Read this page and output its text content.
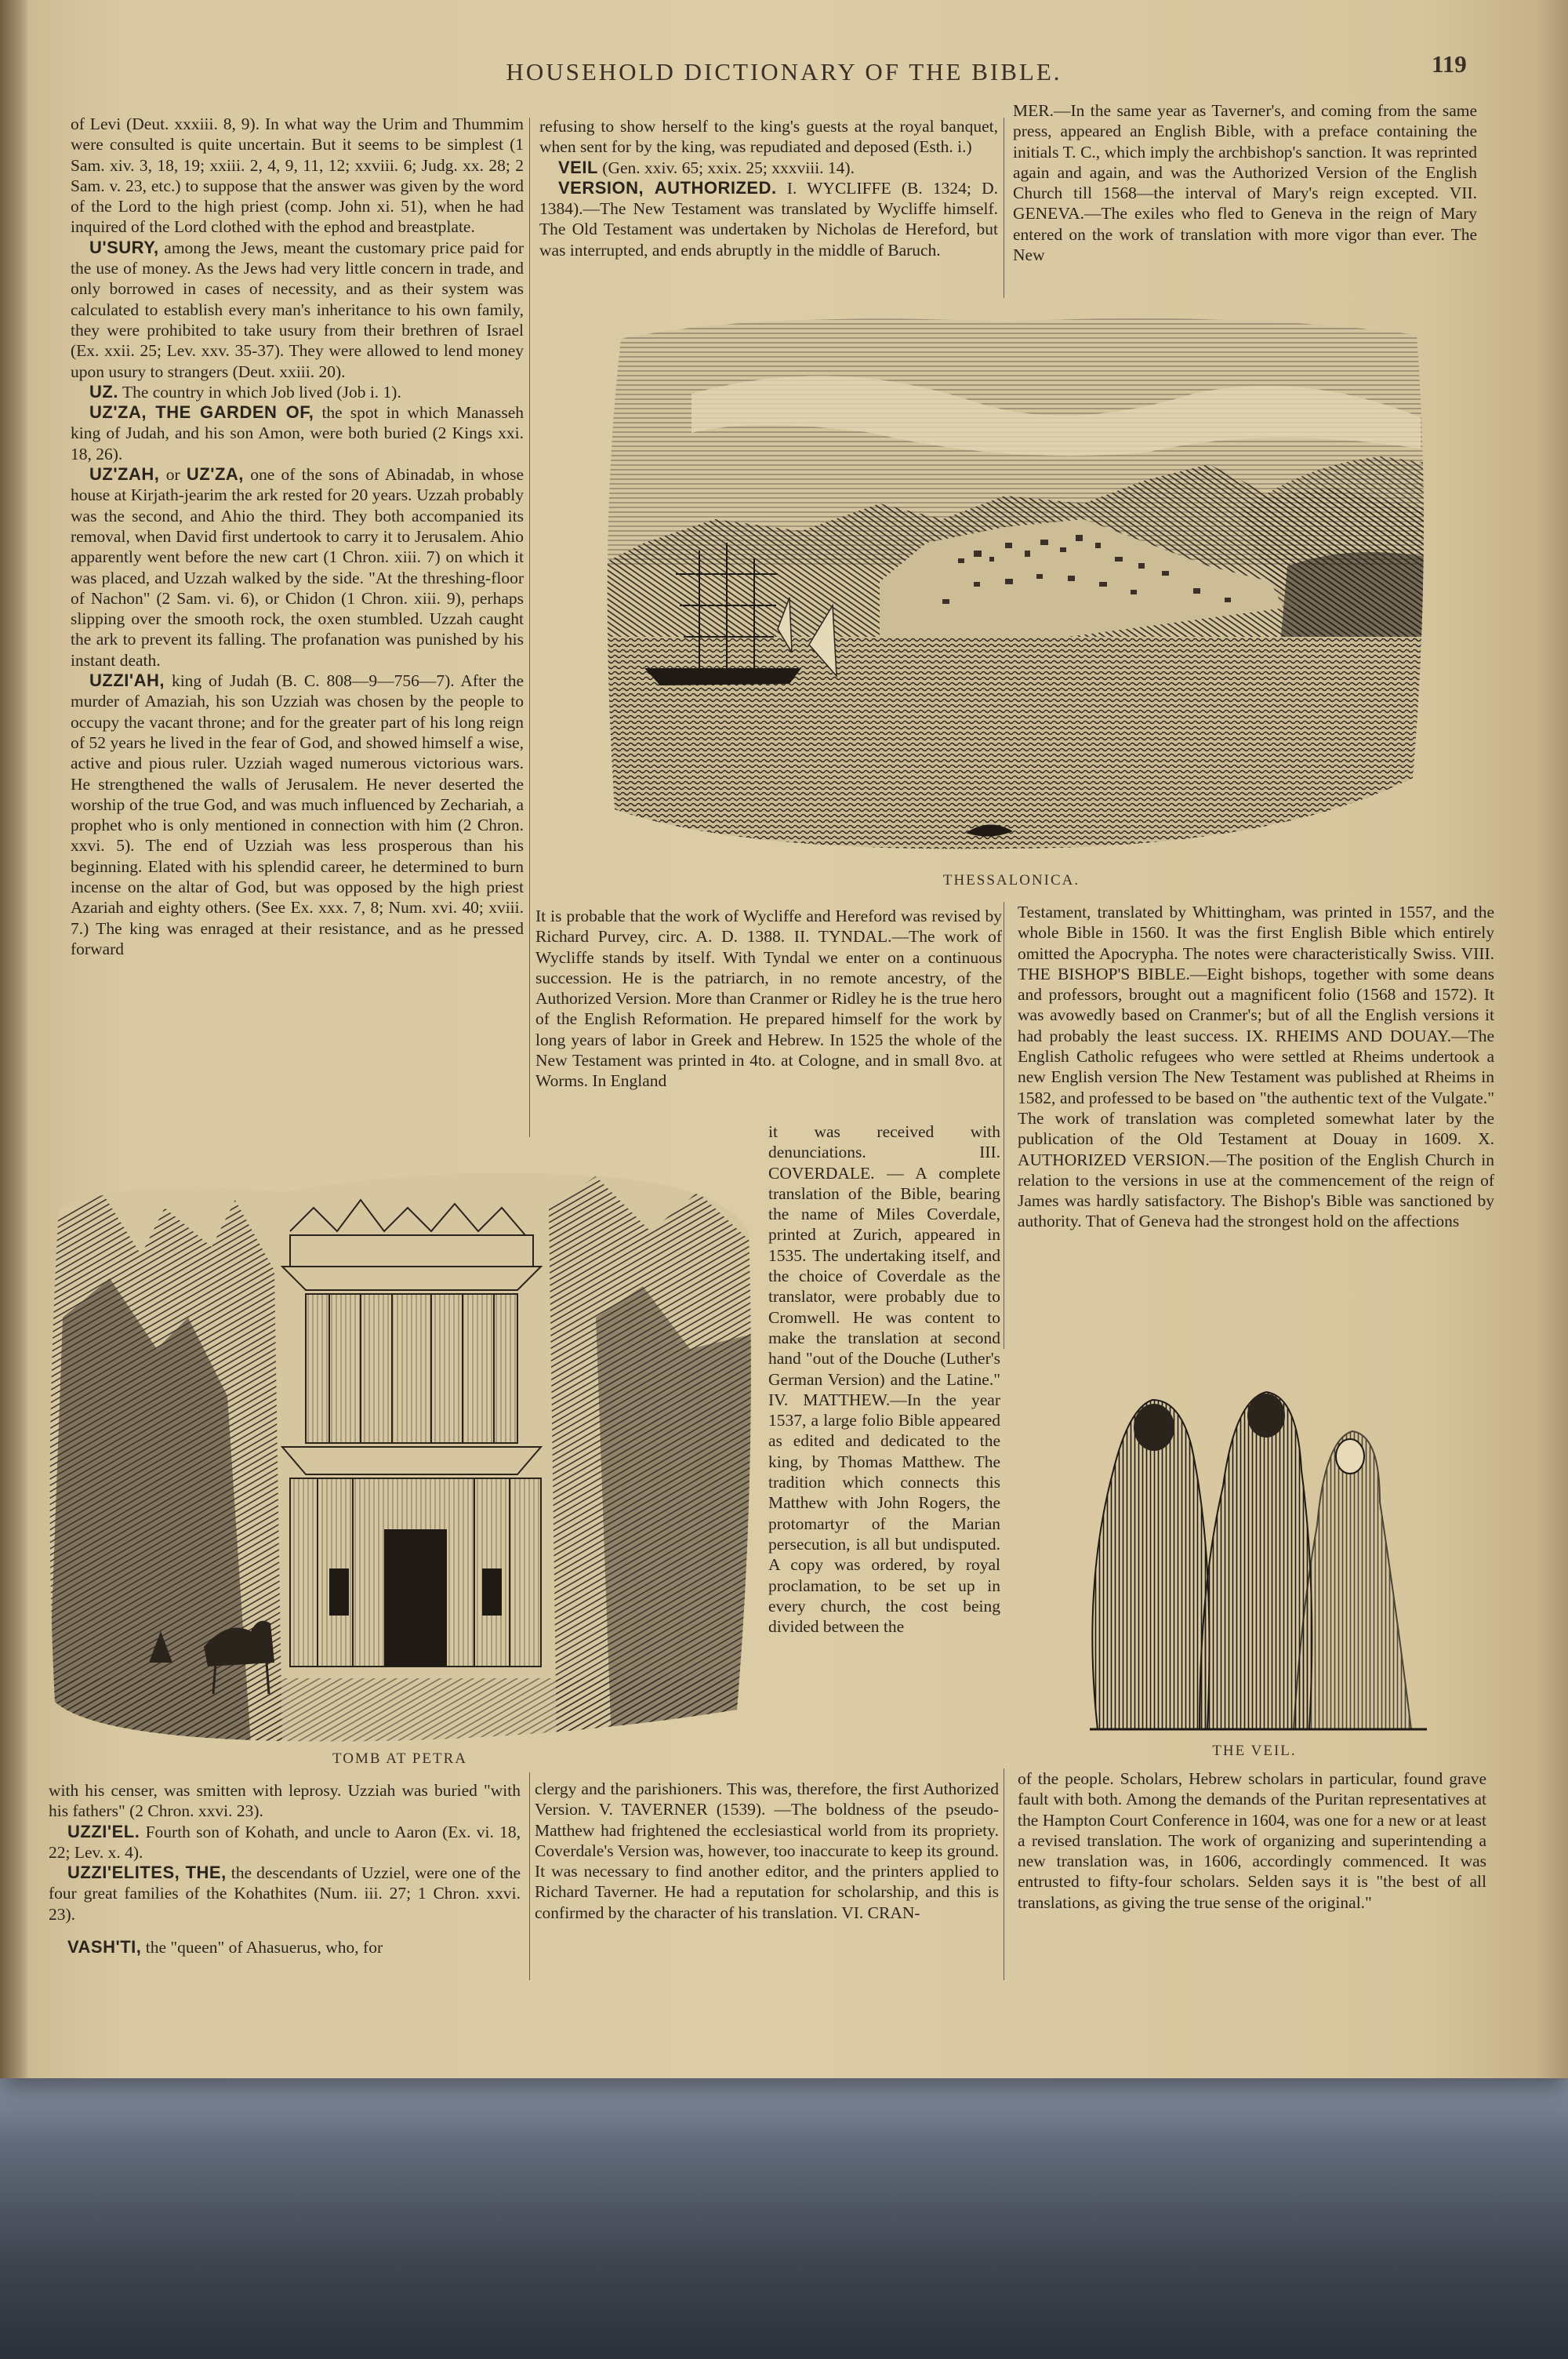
HOUSEHOLD DICTIONARY OF THE BIBLE.	119

of Levi (Deut. xxxiii. 8, 9). In what way the Urim and Thummim were consulted is quite uncertain. But it seems to be simplest (1 Sam. xiv. 3, 18, 19; xxiii. 2, 4, 9, 11, 12; xxviii. 6; Judg. xx. 28; 2 Sam. v. 23, etc.) to suppose that the answer was given by the word of the Lord to the high priest (comp. John xi. 51), when he had inquired of the Lord clothed with the ephod and breastplate.

U'SURY, among the Jews, meant the customary price paid for the use of money. As the Jews had very little concern in trade, and only borrowed in cases of necessity, and as their system was calculated to establish every man's inheritance to his own family, they were prohibited to take usury from their brethren of Israel (Ex. xxii. 25; Lev. xxv. 35-37). They were allowed to lend money upon usury to strangers (Deut. xxiii. 20).

UZ. The country in which Job lived (Job i. 1).

UZ'ZA, THE GARDEN OF, the spot in which Manasseh king of Judah, and his son Amon, were both buried (2 Kings xxi. 18, 26).

UZ'ZAH, or UZ'ZA, one of the sons of Abinadab, in whose house at Kirjath-jearim the ark rested for 20 years. Uzzah probably was the second, and Ahio the third. They both accompanied its removal, when David first undertook to carry it to Jerusalem. Ahio apparently went before the new cart (1 Chron. xiii. 7) on which it was placed, and Uzzah walked by the side. "At the threshing-floor of Nachon" (2 Sam. vi. 6), or Chidon (1 Chron. xiii. 9), perhaps slipping over the smooth rock, the oxen stumbled. Uzzah caught the ark to prevent its falling. The profanation was punished by his instant death.

UZZI'AH, king of Judah (B. C. 808—9—756—7). After the murder of Amaziah, his son Uzziah was chosen by the people to occupy the vacant throne; and for the greater part of his long reign of 52 years he lived in the fear of God, and showed himself a wise, active and pious ruler. Uzziah waged numerous victorious wars. He strengthened the walls of Jerusalem. He never deserted the worship of the true God, and was much influenced by Zechariah, a prophet who is only mentioned in connection with him (2 Chron. xxvi. 5). The end of Uzziah was less prosperous than his beginning. Elated with his splendid career, he determined to burn incense on the altar of God, but was opposed by the high priest Azariah and eighty others. (See Ex. xxx. 7, 8; Num. xvi. 40; xviii. 7.) The king was enraged at their resistance, and as he pressed forward

refusing to show herself to the king's guests at the royal banquet, when sent for by the king, was repudiated and deposed (Esth. i.)

VEIL (Gen. xxiv. 65; xxix. 25; xxxviii. 14).

VERSION, AUTHORIZED. I. WYCLIFFE (B. 1324; D. 1384).—The New Testament was translated by Wycliffe himself. The Old Testament was undertaken by Nicholas de Hereford, but was interrupted, and ends abruptly in the middle of Baruch.

MER.—In the same year as Taverner's, and coming from the same press, appeared an English Bible, with a preface containing the initials T. C., which imply the archbishop's sanction. It was reprinted again and again, and was the Authorized Version of the English Church till 1568—the interval of Mary's reign excepted. VII. GENEVA.—The exiles who fled to Geneva in the reign of Mary entered on the work of translation with more vigor than ever. The New

THESSALONICA.

It is probable that the work of Wycliffe and Hereford was revised by Richard Purvey, circ. A. D. 1388. II. TYNDAL.—The work of Wycliffe stands by itself. With Tyndal we enter on a continuous succession. He is the patriarch, in no remote ancestry, of the Authorized Version. More than Cranmer or Ridley he is the true hero of the English Reformation. He prepared himself for the work by long years of labor in Greek and Hebrew. In 1525 the whole of the New Testament was printed in 4to. at Cologne, and in small 8vo. at Worms. In England

it was received with denunciations. III. COVERDALE. — A complete translation of the Bible, bearing the name of Miles Coverdale, printed at Zurich, appeared in 1535. The undertaking itself, and the choice of Coverdale as the translator, were probably due to Cromwell. He was content to make the translation at second hand "out of the Douche (Luther's German Version) and the Latine." IV. MATTHEW.—In the year 1537, a large folio Bible appeared as edited and dedicated to the king, by Thomas Matthew. The tradition which connects this Matthew with John Rogers, the protomartyr of the Marian persecution, is all but undisputed. A copy was ordered, by royal proclamation, to be set up in every church, the cost being divided between the

Testament, translated by Whittingham, was printed in 1557, and the whole Bible in 1560. It was the first English Bible which entirely omitted the Apocrypha. The notes were characteristically Swiss. VIII. THE BISHOP'S BIBLE.—Eight bishops, together with some deans and professors, brought out a magnificent folio (1568 and 1572). It was avowedly based on Cranmer's; but of all the English versions it had probably the least success. IX. RHEIMS AND DOUAY.—The English Catholic refugees who were settled at Rheims undertook a new English version The New Testament was published at Rheims in 1582, and professed to be based on "the authentic text of the Vulgate." The work of translation was completed somewhat later by the publication of the Old Testament at Douay in 1609. X. AUTHORIZED VERSION.—The position of the English Church in relation to the versions in use at the commencement of the reign of James was hardly satisfactory. The Bishop's Bible was sanctioned by authority. That of Geneva had the strongest hold on the affections

TOMB AT PETRA	THE VEIL.

with his censer, was smitten with leprosy. Uzziah was buried "with his fathers" (2 Chron. xxvi. 23).

UZZI'EL. Fourth son of Kohath, and uncle to Aaron (Ex. vi. 18, 22; Lev. x. 4).

UZZI'ELITES, THE, the descendants of Uzziel, were one of the four great families of the Kohathites (Num. iii. 27; 1 Chron. xxvi. 23).

VASH'TI, the "queen" of Ahasuerus, who, for

clergy and the parishioners. This was, therefore, the first Authorized Version. V. TAVERNER (1539). —The boldness of the pseudo-Matthew had frightened the ecclesiastical world from its propriety. Coverdale's Version was, however, too inaccurate to keep its ground. It was necessary to find another editor, and the printers applied to Richard Taverner. He had a reputation for scholarship, and this is confirmed by the character of his translation. VI. CRAN-

of the people. Scholars, Hebrew scholars in particular, found grave fault with both. Among the demands of the Puritan representatives at the Hampton Court Conference in 1604, was one for a new or at least a revised translation. The work of organizing and superintending a new translation was, in 1606, accordingly commenced. It was entrusted to fifty-four scholars. Selden says it is "the best of all translations, as giving the true sense of the original."
